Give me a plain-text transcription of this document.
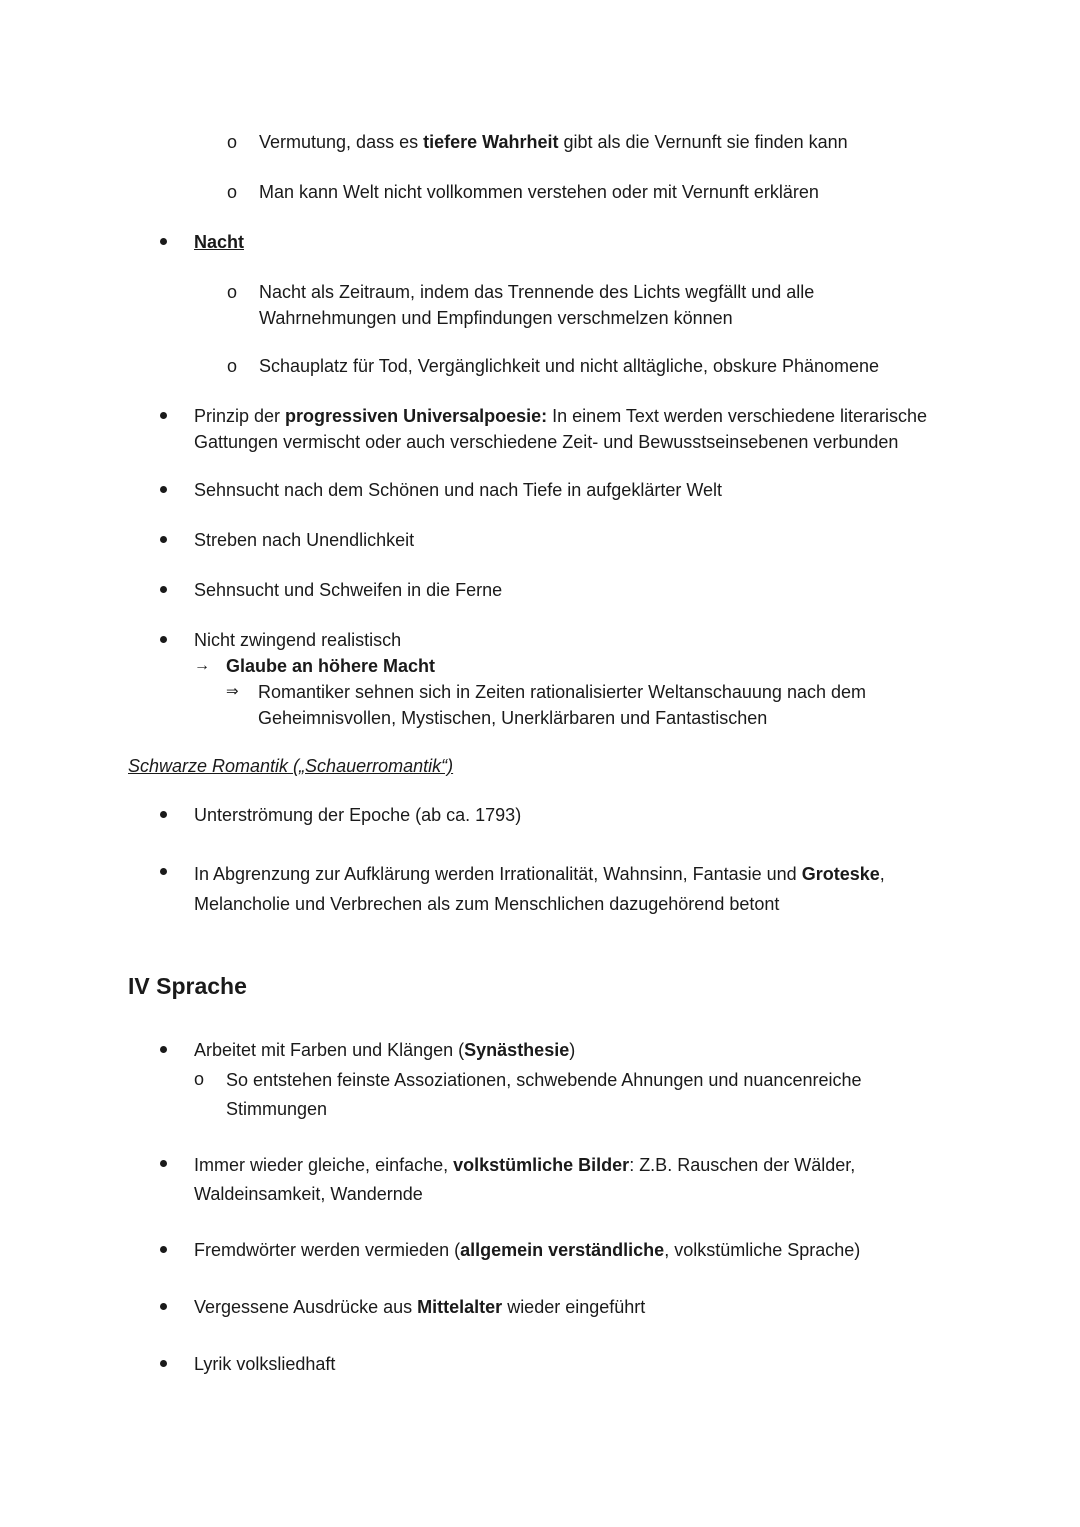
o Vermutung, dass es tiefere Wahrheit gibt als die Vernunft sie finden kann
o Man kann Welt nicht vollkommen verstehen oder mit Vernunft erklären
Nacht
o Nacht als Zeitraum, indem das Trennende des Lichts wegfällt und alle
Wahrnehmungen und Empfindungen verschmelzen können
o Schauplatz für Tod, Vergänglichkeit und nicht alltägliche, obskure Phänomene
Prinzip der progressiven Universalpoesie: In einem Text werden verschiedene literarische
Gattungen vermischt oder auch verschiedene Zeit- und Bewusstseinsebenen verbunden
Sehnsucht nach dem Schönen und nach Tiefe in aufgeklärter Welt
Streben nach Unendlichkeit
Sehnsucht und Schweifen in die Ferne
Nicht zwingend realistisch
→ Glaube an höhere Macht
⇒ Romantiker sehnen sich in Zeiten rationalisierter Weltanschauung nach dem
Geheimnisvollen, Mystischen, Unerklärbaren und Fantastischen
Schwarze Romantik („Schauerromantik“)
Unterströmung der Epoche (ab ca. 1793)
In Abgrenzung zur Aufklärung werden Irrationalität, Wahnsinn, Fantasie und Groteske,
Melancholie und Verbrechen als zum Menschlichen dazugehörend betont
IV Sprache
Arbeitet mit Farben und Klängen (Synästhesie)
o So entstehen feinste Assoziationen, schwebende Ahnungen und nuancenreiche
Stimmungen
Immer wieder gleiche, einfache, volkstümliche Bilder: Z.B. Rauschen der Wälder,
Waldeinsamkeit, Wandernde
Fremdwörter werden vermieden (allgemein verständliche, volkstümliche Sprache)
Vergessene Ausdrücke aus Mittelalter wieder eingeführt
Lyrik volksliedhaft
